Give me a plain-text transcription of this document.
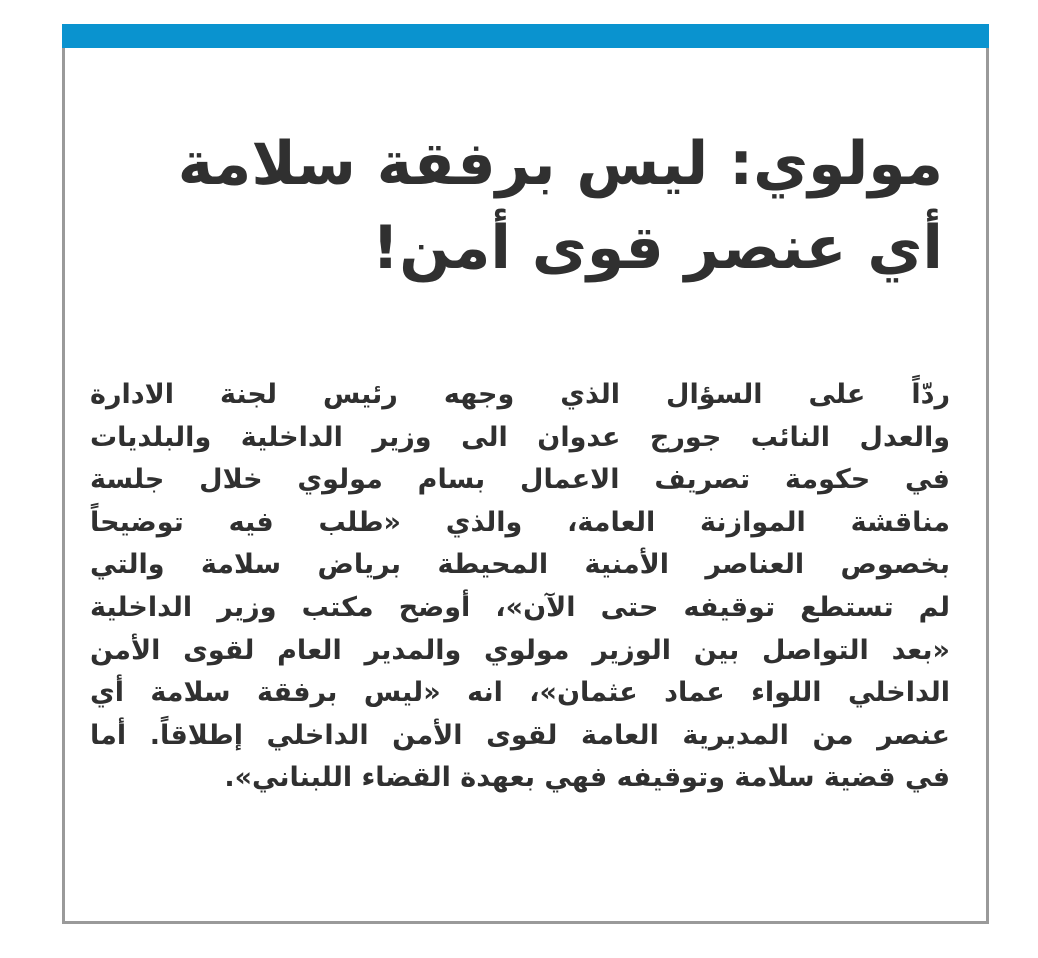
مولوي: ليس برفقة سلامة
أي عنصر قوى أمن!
ردّاً على السؤال الذي وجهه رئيس لجنة الادارة
والعدل النائب جورج عدوان الى وزير الداخلية والبلديات
في حكومة تصريف الاعمال بسام مولوي خلال جلسة
مناقشة الموازنة العامة، والذي «طلب فيه توضيحاً
بخصوص العناصر الأمنية المحيطة برياض سلامة والتي
لم تستطع توقيفه حتى الآن»، أوضح مكتب وزير الداخلية
«بعد التواصل بين الوزير مولوي والمدير العام لقوى الأمن
الداخلي اللواء عماد عثمان»، انه «ليس برفقة سلامة أي
عنصر من المديرية العامة لقوى الأمن الداخلي إطلاقاً. أما
في قضية سلامة وتوقيفه فهي بعهدة القضاء اللبناني».
